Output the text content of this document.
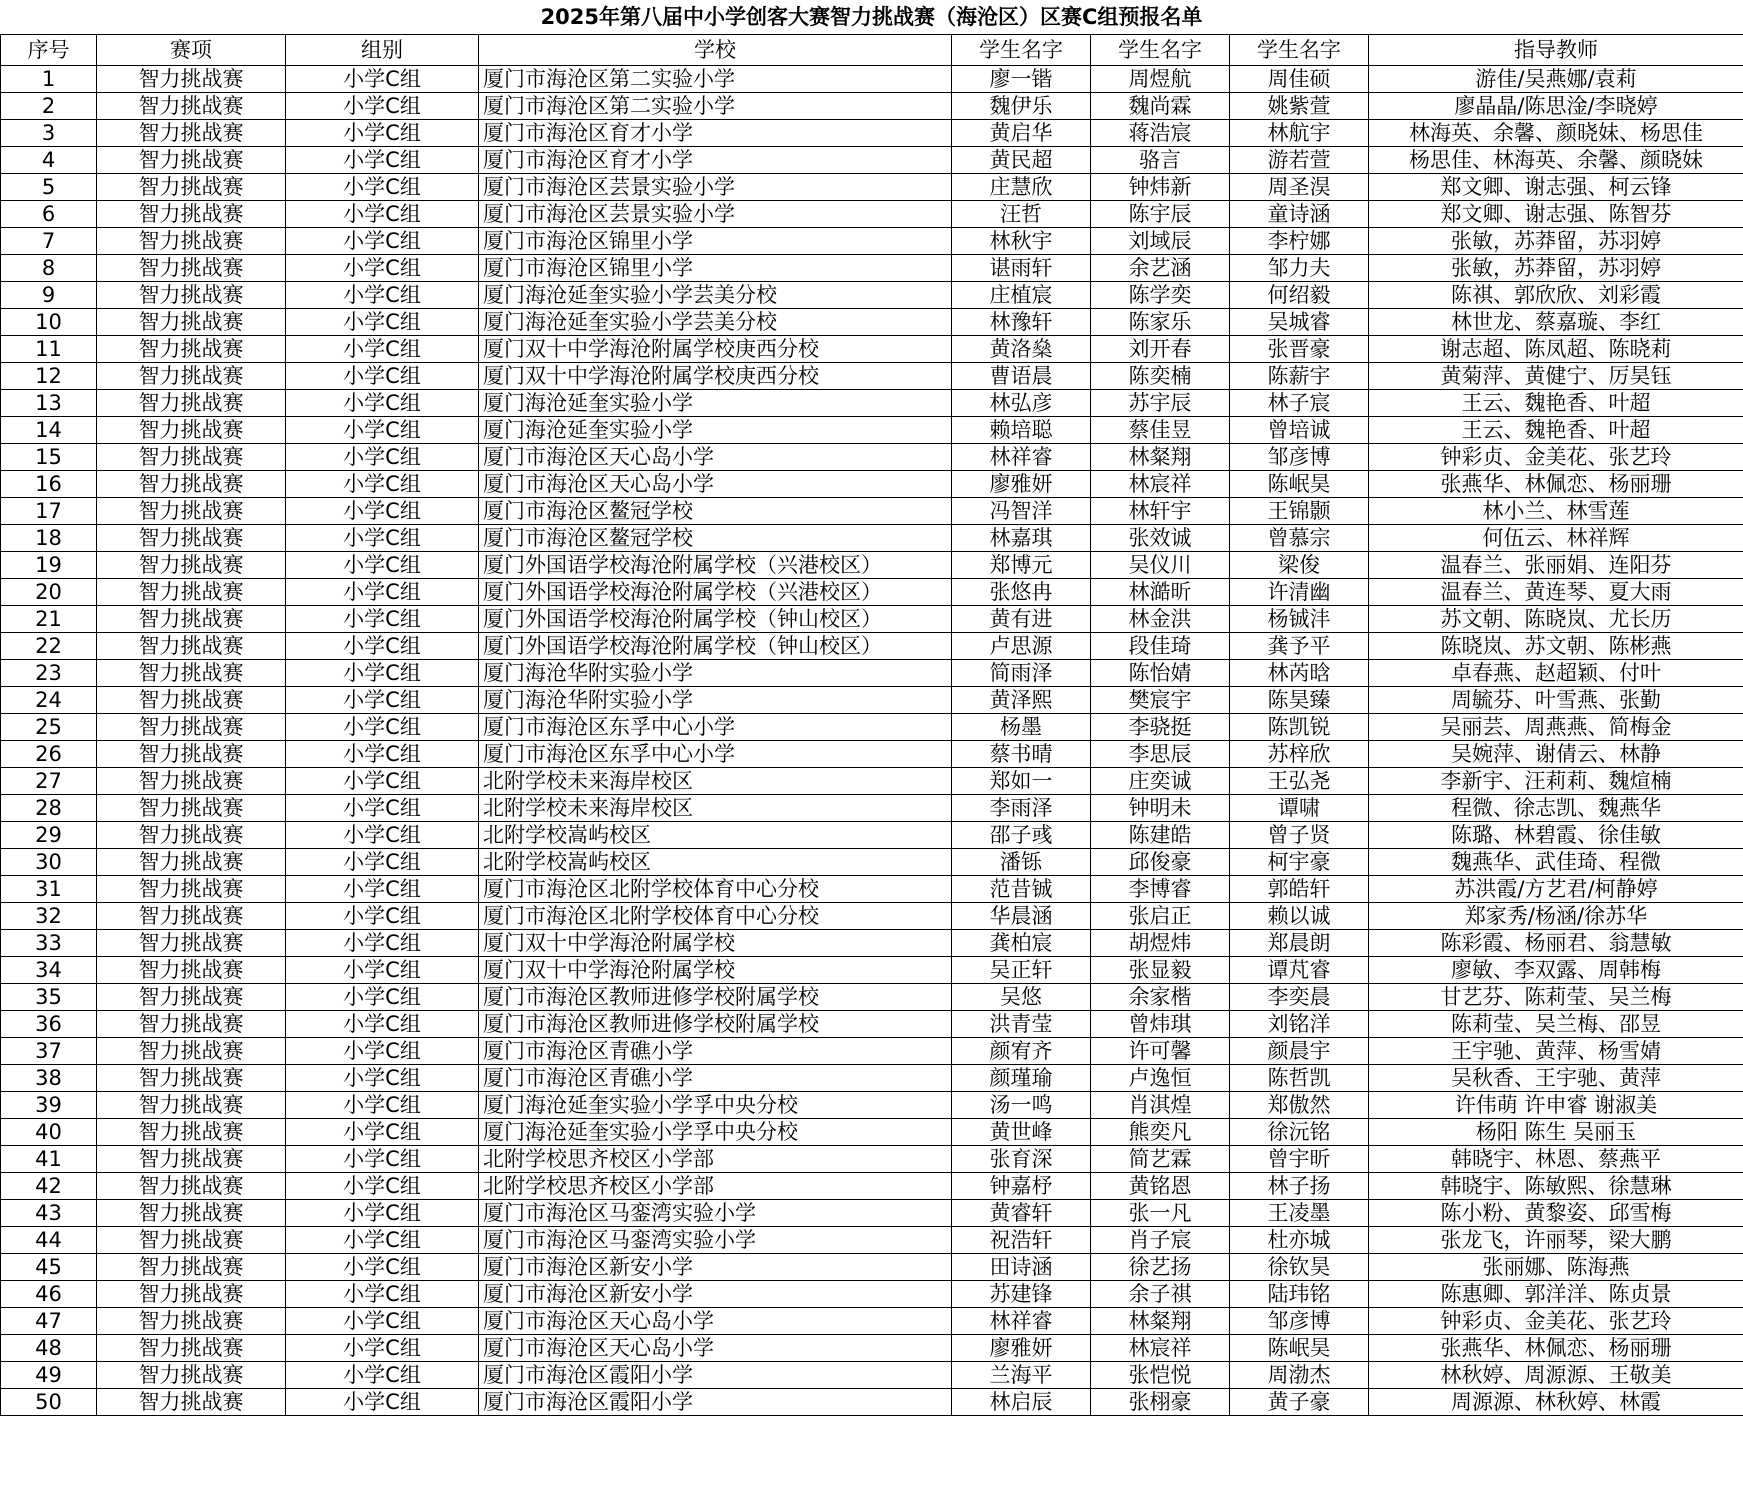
2025年第八届中小学创客大赛智力挑战赛（海沧区）区赛C组预报名单
序号	赛项	组别	学校	学生名字	学生名字	学生名字	指导教师
1	智力挑战赛	小学C组	厦门市海沧区第二实验小学	廖一锴	周煜航	周佳硕	游佳/吴燕娜/袁莉
2	智力挑战赛	小学C组	厦门市海沧区第二实验小学	魏伊乐	魏尚霖	姚紫萱	廖晶晶/陈思淦/李晓婷
3	智力挑战赛	小学C组	厦门市海沧区育才小学	黄启华	蒋浩宸	林航宇	林海英、余馨、颜晓妹、杨思佳
4	智力挑战赛	小学C组	厦门市海沧区育才小学	黄民超	骆言	游若萱	杨思佳、林海英、余馨、颜晓妹
5	智力挑战赛	小学C组	厦门市海沧区芸景实验小学	庄慧欣	钟炜新	周圣淏	郑文卿、谢志强、柯云锋
6	智力挑战赛	小学C组	厦门市海沧区芸景实验小学	汪哲	陈宇辰	童诗涵	郑文卿、谢志强、陈智芬
7	智力挑战赛	小学C组	厦门市海沧区锦里小学	林秋宇	刘域辰	李柠娜	张敏，苏莽留，苏羽婷
8	智力挑战赛	小学C组	厦门市海沧区锦里小学	谌雨轩	余艺涵	邹力夫	张敏，苏莽留，苏羽婷
9	智力挑战赛	小学C组	厦门海沧延奎实验小学芸美分校	庄植宸	陈学奕	何绍毅	陈祺、郭欣欣、刘彩霞
10	智力挑战赛	小学C组	厦门海沧延奎实验小学芸美分校	林豫轩	陈家乐	吴城睿	林世龙、蔡嘉璇、李红
11	智力挑战赛	小学C组	厦门双十中学海沧附属学校庚西分校	黄洛燊	刘开春	张晋豪	谢志超、陈凤超、陈晓莉
12	智力挑战赛	小学C组	厦门双十中学海沧附属学校庚西分校	曹语晨	陈奕楠	陈薪宇	黄菊萍、黄健宁、厉昊钰
13	智力挑战赛	小学C组	厦门海沧延奎实验小学	林弘彦	苏宇辰	林子宸	王云、魏艳香、叶超
14	智力挑战赛	小学C组	厦门海沧延奎实验小学	赖培聪	蔡佳昱	曾培诚	王云、魏艳香、叶超
15	智力挑战赛	小学C组	厦门市海沧区天心岛小学	林祥睿	林粲翔	邹彦博	钟彩贞、金美花、张艺玲
16	智力挑战赛	小学C组	厦门市海沧区天心岛小学	廖雅妍	林宸祥	陈岷昊	张燕华、林佩恋、杨丽珊
17	智力挑战赛	小学C组	厦门市海沧区鳌冠学校	冯智洋	林轩宇	王锦颢	林小兰、林雪莲
18	智力挑战赛	小学C组	厦门市海沧区鳌冠学校	林嘉琪	张效诚	曾慕宗	何伍云、林祥辉
19	智力挑战赛	小学C组	厦门外国语学校海沧附属学校（兴港校区）	郑博元	吴仪川	梁俊	温春兰、张丽娟、连阳芬
20	智力挑战赛	小学C组	厦门外国语学校海沧附属学校（兴港校区）	张悠冉	林澔昕	许清幽	温春兰、黄连琴、夏大雨
21	智力挑战赛	小学C组	厦门外国语学校海沧附属学校（钟山校区）	黄有进	林金洪	杨铖沣	苏文朝、陈晓岚、尤长历
22	智力挑战赛	小学C组	厦门外国语学校海沧附属学校（钟山校区）	卢思源	段佳琦	龚予平	陈晓岚、苏文朝、陈彬燕
23	智力挑战赛	小学C组	厦门海沧华附实验小学	简雨泽	陈怡婧	林芮晗	卓春燕、赵超颖、付叶
24	智力挑战赛	小学C组	厦门海沧华附实验小学	黄泽熙	樊宸宇	陈昊臻	周毓芬、叶雪燕、张勤
25	智力挑战赛	小学C组	厦门市海沧区东孚中心小学	杨墨	李骁挺	陈凯锐	吴丽芸、周燕燕、简梅金
26	智力挑战赛	小学C组	厦门市海沧区东孚中心小学	蔡书晴	李思辰	苏梓欣	吴婉萍、谢倩云、林静
27	智力挑战赛	小学C组	北附学校未来海岸校区	郑如一	庄奕诚	王弘尧	李新宇、汪莉莉、魏煊楠
28	智力挑战赛	小学C组	北附学校未来海岸校区	李雨泽	钟明未	谭啸	程微、徐志凯、魏燕华
29	智力挑战赛	小学C组	北附学校嵩屿校区	邵子彧	陈建皓	曾子贤	陈璐、林碧霞、徐佳敏
30	智力挑战赛	小学C组	北附学校嵩屿校区	潘铄	邱俊豪	柯宇豪	魏燕华、武佳琦、程微
31	智力挑战赛	小学C组	厦门市海沧区北附学校体育中心分校	范昔铖	李博睿	郭皓轩	苏洪霞/方艺君/柯静婷
32	智力挑战赛	小学C组	厦门市海沧区北附学校体育中心分校	华晨涵	张启正	赖以诚	郑家秀/杨涵/徐苏华
33	智力挑战赛	小学C组	厦门双十中学海沧附属学校	龚柏宸	胡煜炜	郑晨朗	陈彩霞、杨丽君、翁慧敏
34	智力挑战赛	小学C组	厦门双十中学海沧附属学校	吴正轩	张显毅	谭芃睿	廖敏、李双露、周韩梅
35	智力挑战赛	小学C组	厦门市海沧区教师进修学校附属学校	吴悠	余家楷	李奕晨	甘艺芬、陈莉莹、吴兰梅
36	智力挑战赛	小学C组	厦门市海沧区教师进修学校附属学校	洪青莹	曾炜琪	刘铭洋	陈莉莹、吴兰梅、邵昱
37	智力挑战赛	小学C组	厦门市海沧区青礁小学	颜宥齐	许可馨	颜晨宇	王宇驰、黄萍、杨雪婧
38	智力挑战赛	小学C组	厦门市海沧区青礁小学	颜瑾瑜	卢逸恒	陈哲凯	吴秋香、王宇驰、黄萍
39	智力挑战赛	小学C组	厦门海沧延奎实验小学孚中央分校	汤一鸣	肖淇煌	郑傲然	许伟萌 许申睿 谢淑美
40	智力挑战赛	小学C组	厦门海沧延奎实验小学孚中央分校	黄世峰	熊奕凡	徐沅铭	杨阳 陈生 吴丽玉
41	智力挑战赛	小学C组	北附学校思齐校区小学部	张育深	简艺霖	曾宇昕	韩晓宇、林恩、蔡燕平
42	智力挑战赛	小学C组	北附学校思齐校区小学部	钟嘉杼	黄铭恩	林子扬	韩晓宇、陈敏熙、徐慧琳
43	智力挑战赛	小学C组	厦门市海沧区马銮湾实验小学	黄睿轩	张一凡	王凌墨	陈小粉、黄黎姿、邱雪梅
44	智力挑战赛	小学C组	厦门市海沧区马銮湾实验小学	祝浩轩	肖子宸	杜亦城	张龙飞，许丽琴，梁大鹏
45	智力挑战赛	小学C组	厦门市海沧区新安小学	田诗涵	徐艺扬	徐钦昊	张丽娜、陈海燕
46	智力挑战赛	小学C组	厦门市海沧区新安小学	苏建锋	余子祺	陆玮铭	陈惠卿、郭洋洋、陈贞景
47	智力挑战赛	小学C组	厦门市海沧区天心岛小学	林祥睿	林粲翔	邹彦博	钟彩贞、金美花、张艺玲
48	智力挑战赛	小学C组	厦门市海沧区天心岛小学	廖雅妍	林宸祥	陈岷昊	张燕华、林佩恋、杨丽珊
49	智力挑战赛	小学C组	厦门市海沧区霞阳小学	兰海平	张恺悦	周渤杰	林秋婷、周源源、王敬美
50	智力挑战赛	小学C组	厦门市海沧区霞阳小学	林启辰	张栩豪	黄子豪	周源源、林秋婷、林霞
